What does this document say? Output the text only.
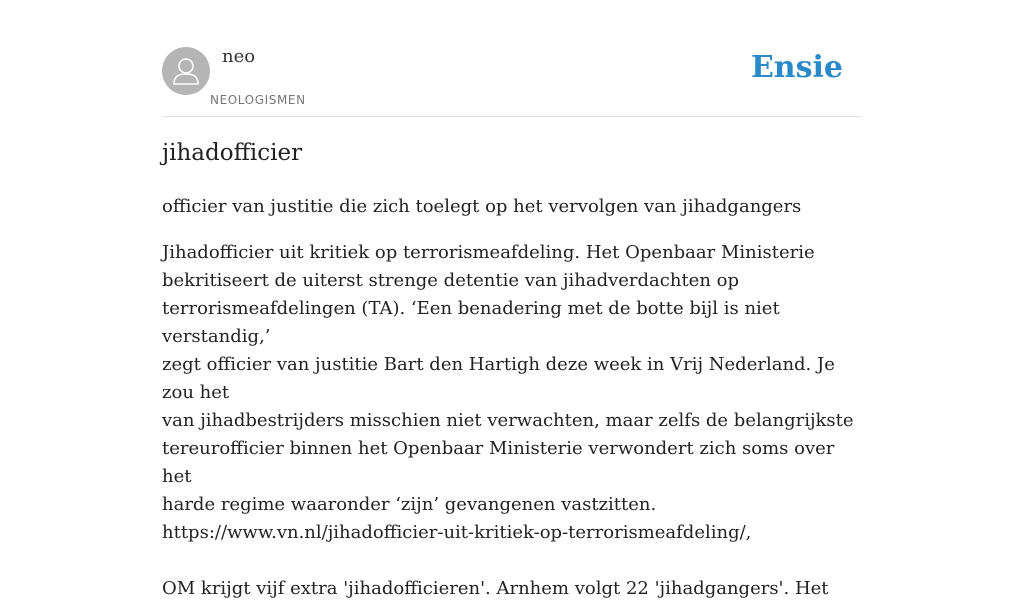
neo
NEOLOGISMEN
Ensie
jihadofficier

officier van justitie die zich toelegt op het vervolgen van jihadgangers

Jihadofficier uit kritiek op terrorismeafdeling. Het Openbaar Ministerie

bekritiseert de uiterst strenge detentie van jihadverdachten op

terrorismeafdelingen (TA). ‘Een benadering met de botte bijl is niet verstandig,’

zegt officier van justitie Bart den Hartigh deze week in Vrij Nederland. Je zou het

van jihadbestrijders misschien niet verwachten, maar zelfs de belangrijkste

tereurofficier binnen het Openbaar Ministerie verwondert zich soms over het

harde regime waaronder ‘zijn’ gevangenen vastzitten.

https://www.vn.nl/jihadofficier-uit-kritiek-op-terrorismeafdeling/,

OM krijgt vijf extra 'jihadofficieren'. Arnhem volgt 22 'jihadgangers'. Het
